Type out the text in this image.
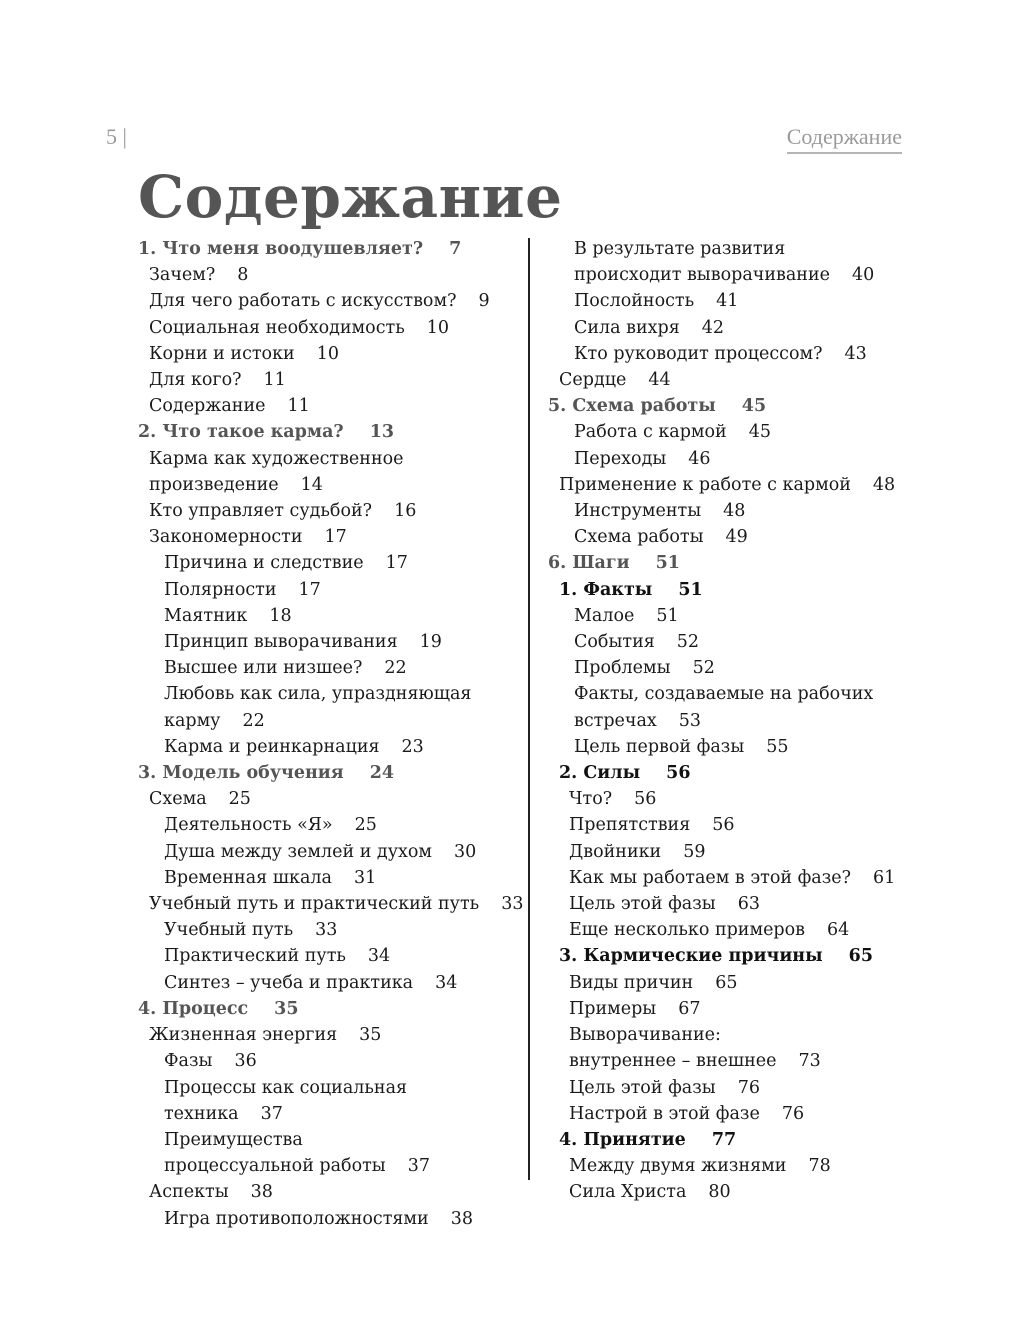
5 |	Содержание
Содержание
1. Что меня воодушевляет? 7
Зачем? 8
Для чего работать с искусством? 9
Социальная необходимость 10
Корни и истоки 10
Для кого? 11
Содержание 11
2. Что такое карма? 13
Карма как художественное
произведение 14
Кто управляет судьбой? 16
Закономерности 17
Причина и следствие 17
Полярности 17
Маятник 18
Принцип выворачивания 19
Высшее или низшее? 22
Любовь как сила, упраздняющая
карму 22
Карма и реинкарнация 23
3. Модель обучения 24
Схема 25
Деятельность «Я» 25
Душа между землей и духом 30
Временная шкала 31
Учебный путь и практический путь 33
Учебный путь 33
Практический путь 34
Синтез – учеба и практика 34
4. Процесс 35
Жизненная энергия 35
Фазы 36
Процессы как социальная техника 37
Преимущества
процессуальной работы 37
Аспекты 38
Игра противоположностями 38
В результате развития
происходит выворачивание 40
Послойность 41
Сила вихря 42
Кто руководит процессом? 43
Сердце 44
5. Схема работы 45
Работа с кармой 45
Переходы 46
Применение к работе с кармой 48
Инструменты 48
Схема работы 49
6. Шаги 51
1. Факты 51
Малое 51
События 52
Проблемы 52
Факты, создаваемые на рабочих
встречах 53
Цель первой фазы 55
2. Силы 56
Что? 56
Препятствия 56
Двойники 59
Как мы работаем в этой фазе? 61
Цель этой фазы 63
Еще несколько примеров 64
3. Кармические причины 65
Виды причин 65
Примеры 67
Выворачивание:
внутреннее – внешнее 73
Цель этой фазы 76
Настрой в этой фазе 76
4. Принятие 77
Между двумя жизнями 78
Сила Христа 80
